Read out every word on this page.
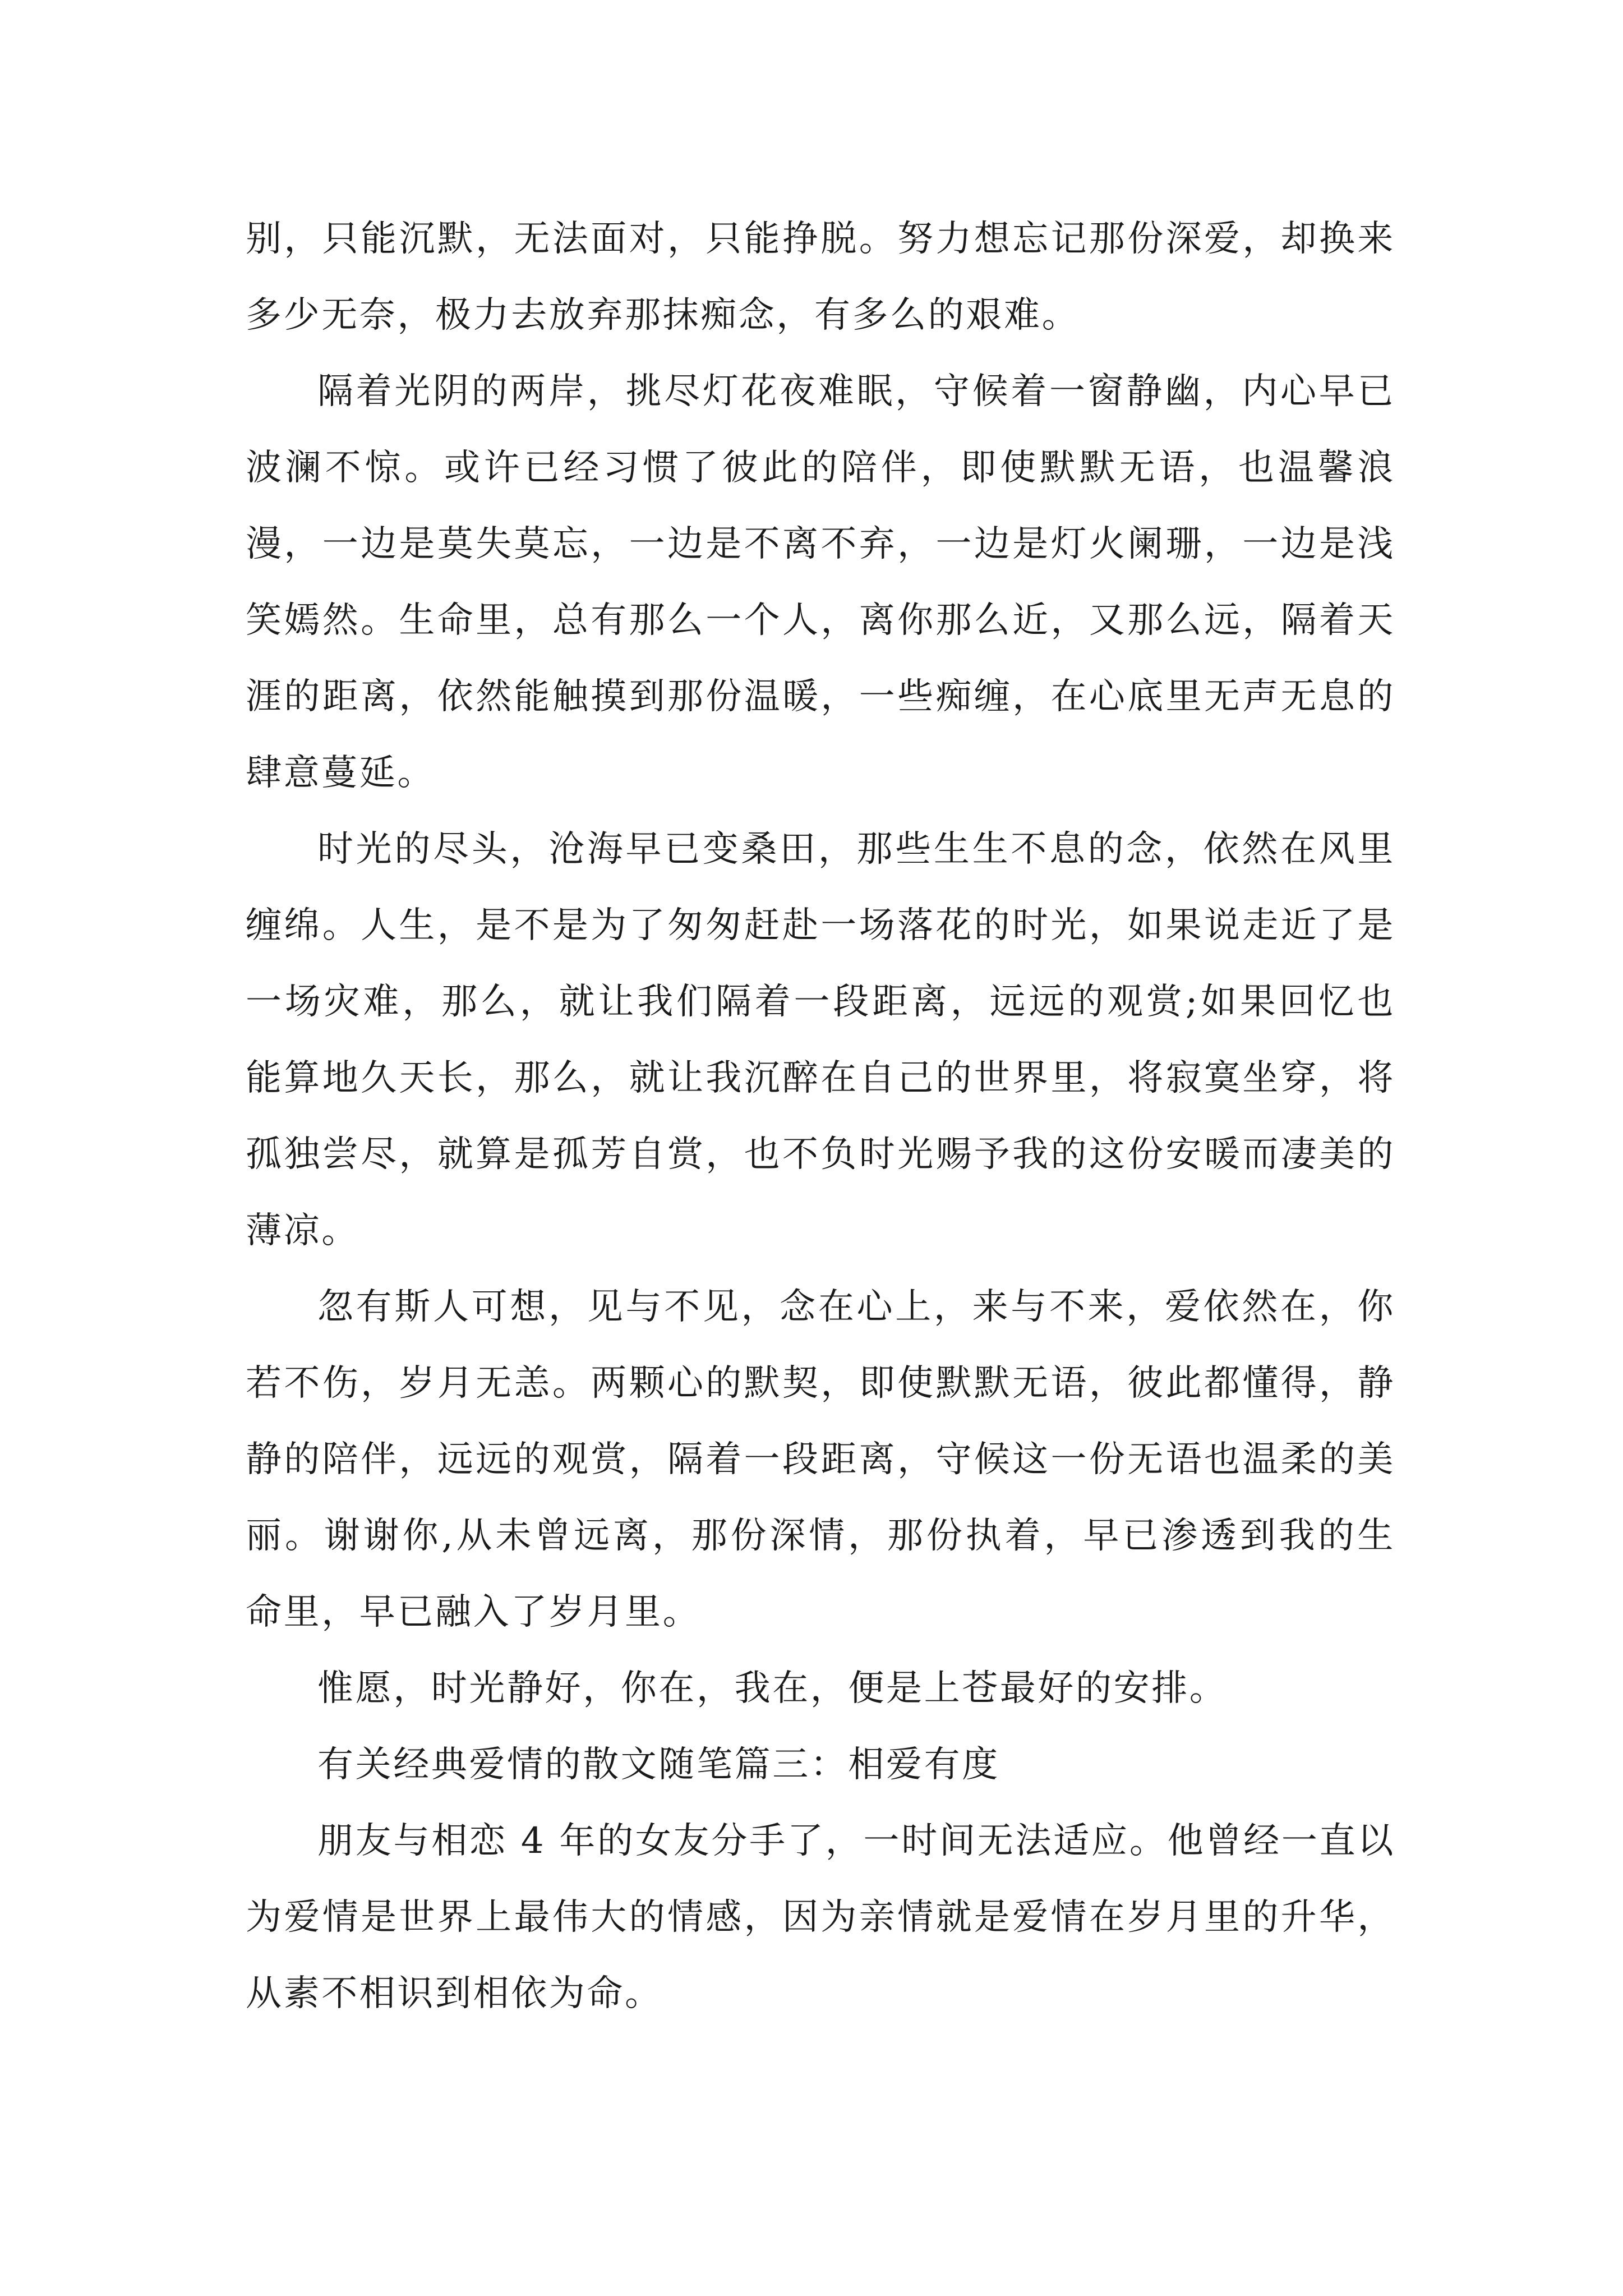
别，只能沉默，无法面对，只能挣脱。努力想忘记那份深爱，却换来多少无奈，极力去放弃那抹痴念，有多么的艰难。

隔着光阴的两岸，挑尽灯花夜难眠，守候着一窗静幽，内心早已波澜不惊。或许已经习惯了彼此的陪伴，即使默默无语，也温馨浪漫，一边是莫失莫忘，一边是不离不弃，一边是灯火阑珊，一边是浅笑嫣然。生命里，总有那么一个人，离你那么近，又那么远，隔着天涯的距离，依然能触摸到那份温暖，一些痴缠，在心底里无声无息的肆意蔓延。

时光的尽头，沧海早已变桑田，那些生生不息的念，依然在风里缠绵。人生，是不是为了匆匆赶赴一场落花的时光，如果说走近了是一场灾难，那么，就让我们隔着一段距离，远远的观赏;如果回忆也能算地久天长，那么，就让我沉醉在自己的世界里，将寂寞坐穿，将孤独尝尽，就算是孤芳自赏，也不负时光赐予我的这份安暖而凄美的薄凉。

忽有斯人可想，见与不见，念在心上，来与不来，爱依然在，你若不伤，岁月无恙。两颗心的默契，即使默默无语，彼此都懂得，静静的陪伴，远远的观赏，隔着一段距离，守候这一份无语也温柔的美丽。谢谢你,从未曾远离，那份深情，那份执着，早已渗透到我的生命里，早已融入了岁月里。

惟愿，时光静好，你在，我在，便是上苍最好的安排。

有关经典爱情的散文随笔篇三：相爱有度

朋友与相恋 4 年的女友分手了，一时间无法适应。他曾经一直以为爱情是世界上最伟大的情感，因为亲情就是爱情在岁月里的升华，从素不相识到相依为命。
